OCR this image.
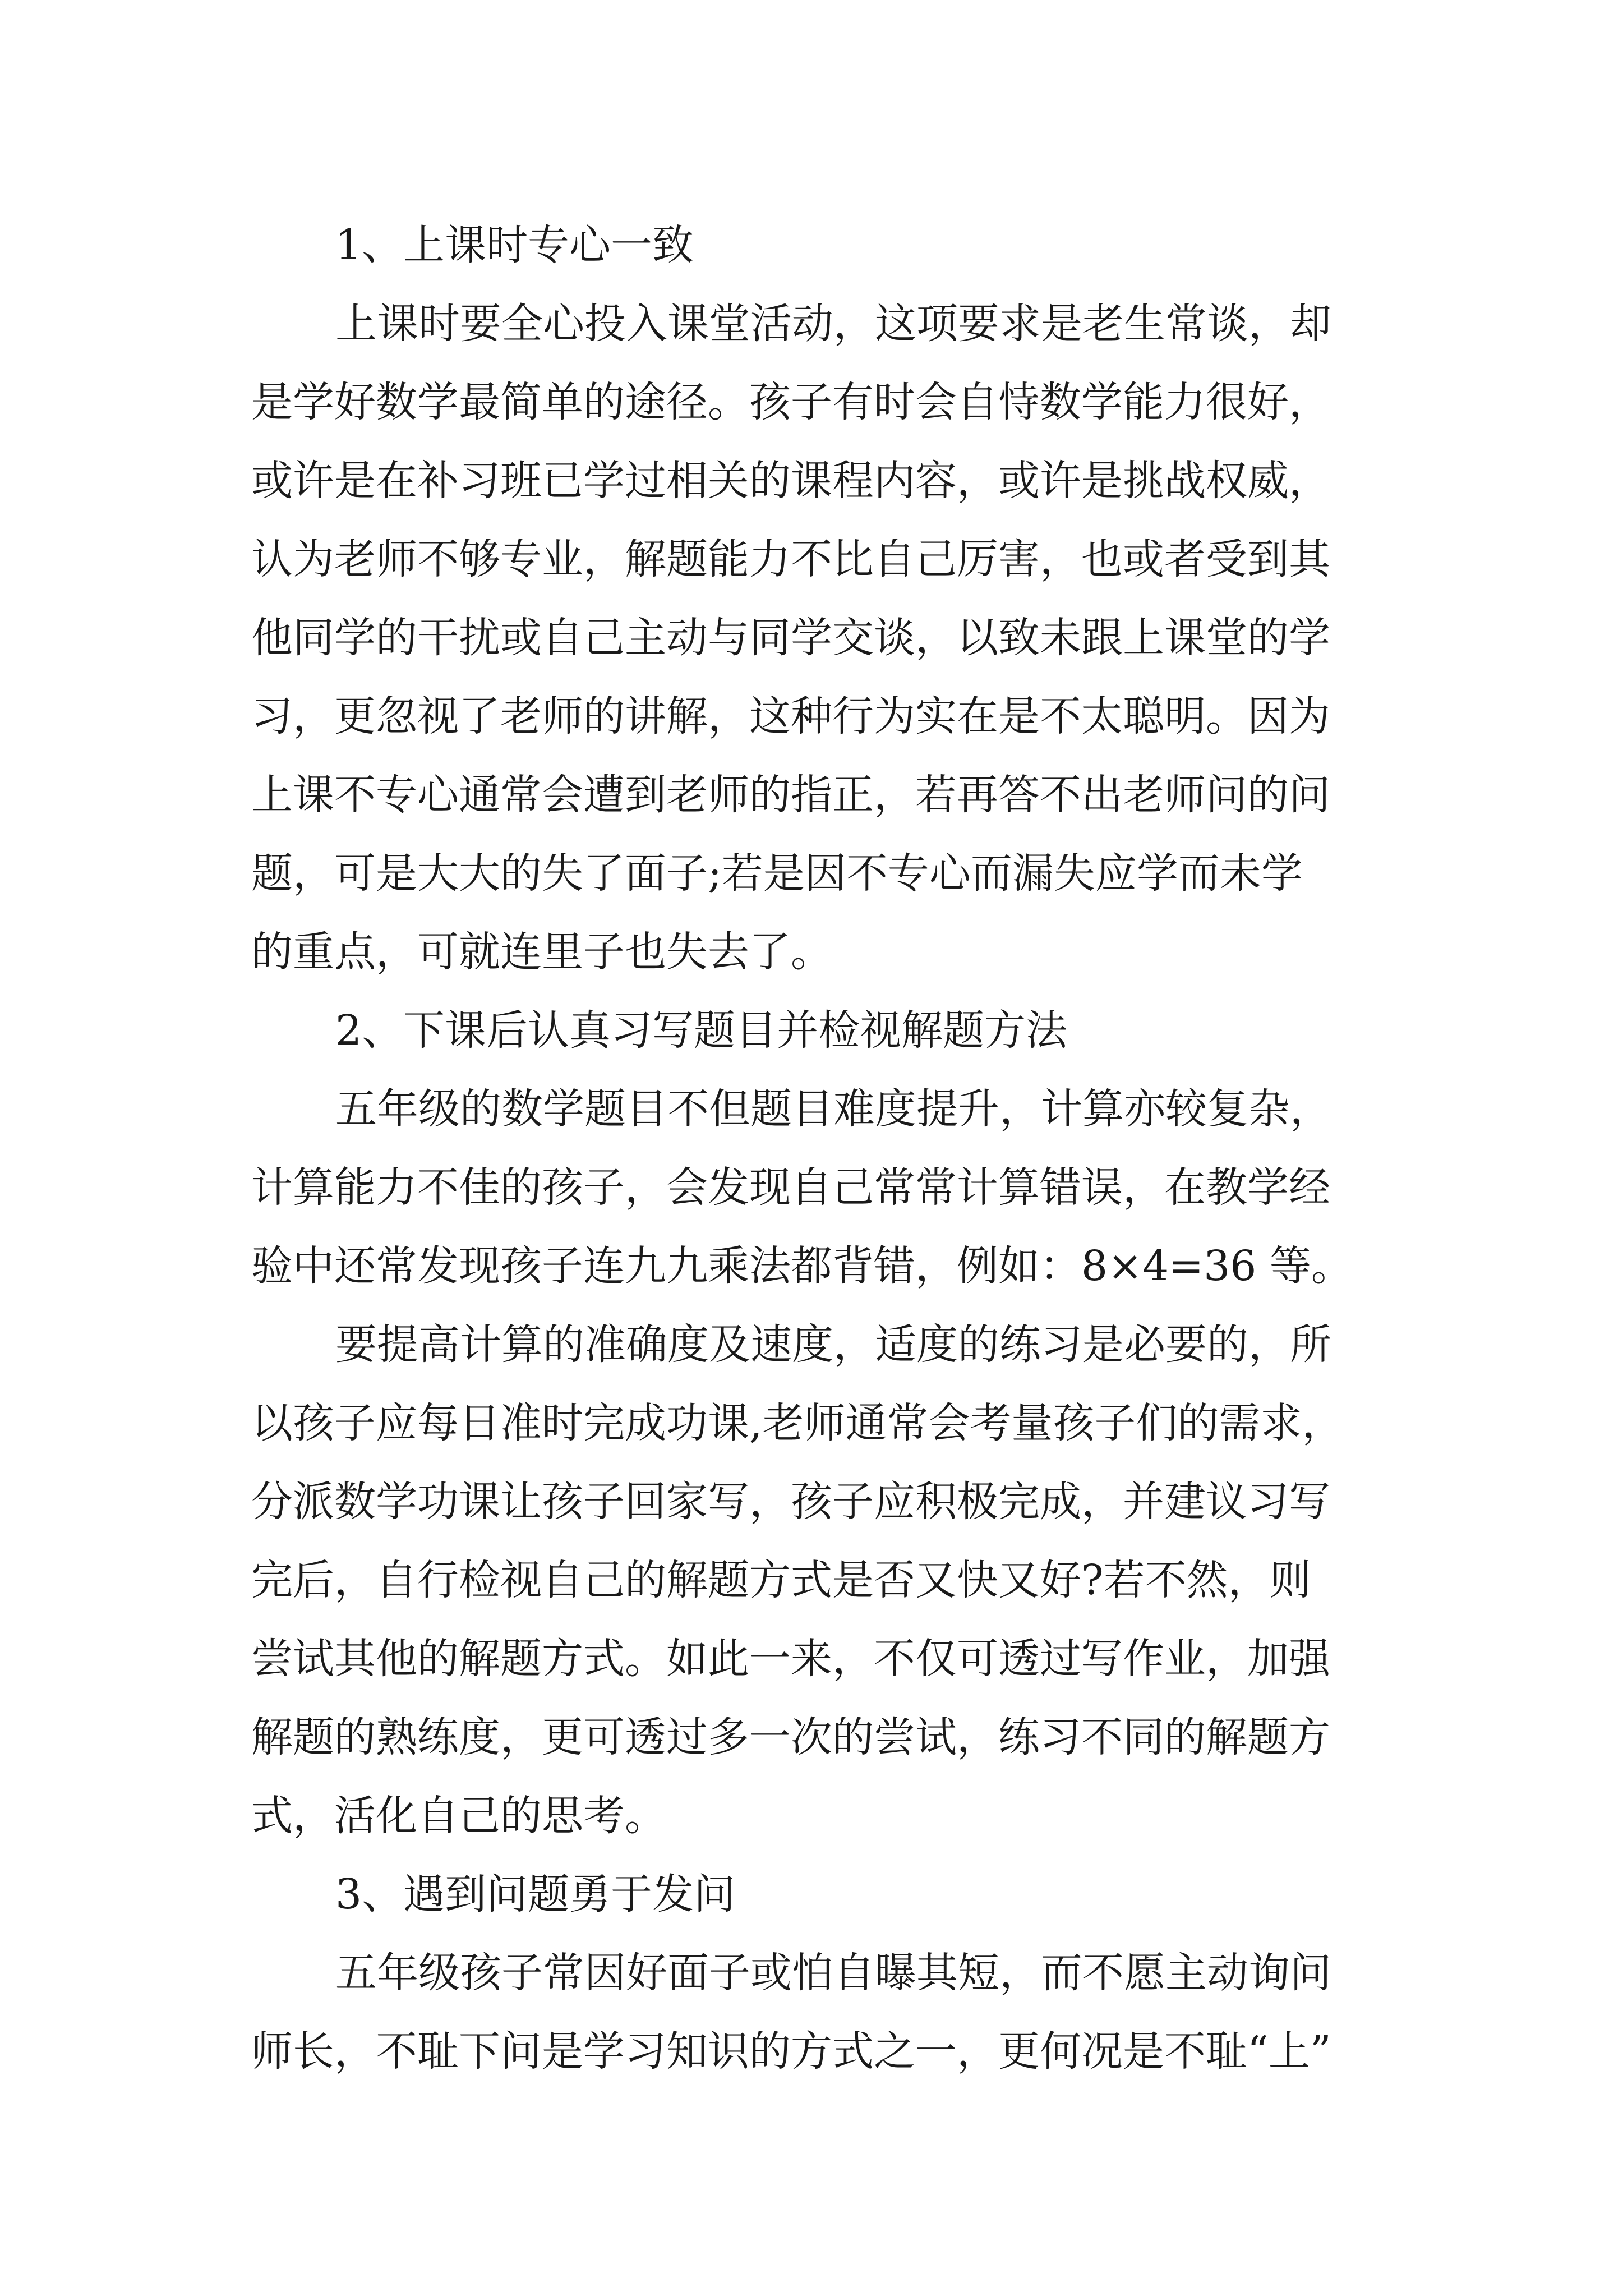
1、上课时专心一致
上课时要全心投入课堂活动，这项要求是老生常谈，却
是学好数学最简单的途径。孩子有时会自恃数学能力很好，
或许是在补习班已学过相关的课程内容，或许是挑战权威，
认为老师不够专业，解题能力不比自己厉害，也或者受到其
他同学的干扰或自己主动与同学交谈，以致未跟上课堂的学
习，更忽视了老师的讲解，这种行为实在是不太聪明。因为
上课不专心通常会遭到老师的指正，若再答不出老师问的问
题，可是大大的失了面子;若是因不专心而漏失应学而未学
的重点，可就连里子也失去了。
2、下课后认真习写题目并检视解题方法
五年级的数学题目不但题目难度提升，计算亦较复杂，
计算能力不佳的孩子，会发现自己常常计算错误，在教学经
验中还常发现孩子连九九乘法都背错，例如：8×4=36 等。
要提高计算的准确度及速度，适度的练习是必要的，所
以孩子应每日准时完成功课,老师通常会考量孩子们的需求，
分派数学功课让孩子回家写，孩子应积极完成，并建议习写
完后，自行检视自己的解题方式是否又快又好?若不然，则
尝试其他的解题方式。如此一来，不仅可透过写作业，加强
解题的熟练度，更可透过多一次的尝试，练习不同的解题方
式，活化自己的思考。
3、遇到问题勇于发问
五年级孩子常因好面子或怕自曝其短，而不愿主动询问
师长，不耻下问是学习知识的方式之一，更何况是不耻“上”
